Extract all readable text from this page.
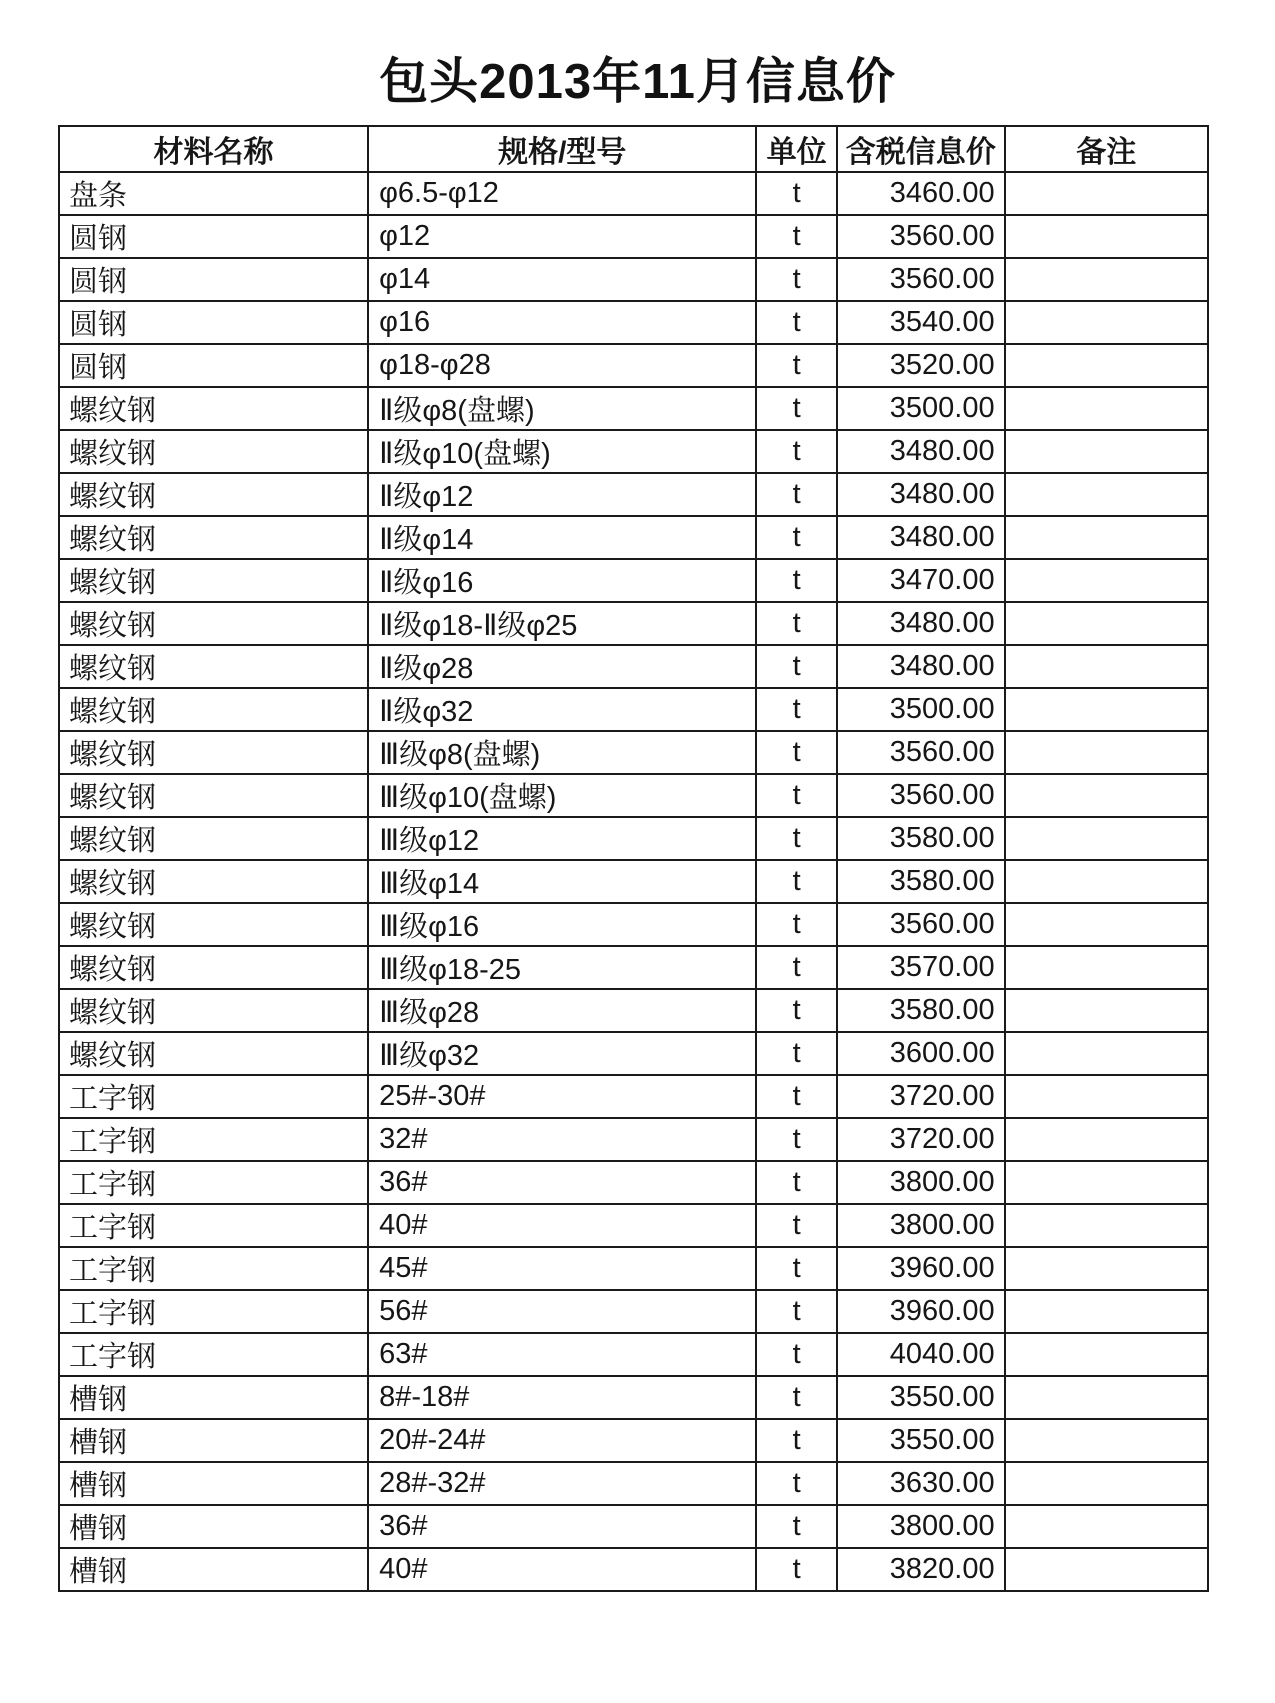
包头2013年11月信息价
材料名称	规格/型号	单位	含税信息价	备注
盘条	φ6.5-φ12	t	3460.00	
圆钢	φ12	t	3560.00	
圆钢	φ14	t	3560.00	
圆钢	φ16	t	3540.00	
圆钢	φ18-φ28	t	3520.00	
螺纹钢	Ⅱ级φ8(盘螺)	t	3500.00	
螺纹钢	Ⅱ级φ10(盘螺)	t	3480.00	
螺纹钢	Ⅱ级φ12	t	3480.00	
螺纹钢	Ⅱ级φ14	t	3480.00	
螺纹钢	Ⅱ级φ16	t	3470.00	
螺纹钢	Ⅱ级φ18-Ⅱ级φ25	t	3480.00	
螺纹钢	Ⅱ级φ28	t	3480.00	
螺纹钢	Ⅱ级φ32	t	3500.00	
螺纹钢	Ⅲ级φ8(盘螺)	t	3560.00	
螺纹钢	Ⅲ级φ10(盘螺)	t	3560.00	
螺纹钢	Ⅲ级φ12	t	3580.00	
螺纹钢	Ⅲ级φ14	t	3580.00	
螺纹钢	Ⅲ级φ16	t	3560.00	
螺纹钢	Ⅲ级φ18-25	t	3570.00	
螺纹钢	Ⅲ级φ28	t	3580.00	
螺纹钢	Ⅲ级φ32	t	3600.00	
工字钢	25#-30#	t	3720.00	
工字钢	32#	t	3720.00	
工字钢	36#	t	3800.00	
工字钢	40#	t	3800.00	
工字钢	45#	t	3960.00	
工字钢	56#	t	3960.00	
工字钢	63#	t	4040.00	
槽钢	8#-18#	t	3550.00	
槽钢	20#-24#	t	3550.00	
槽钢	28#-32#	t	3630.00	
槽钢	36#	t	3800.00	
槽钢	40#	t	3820.00	
